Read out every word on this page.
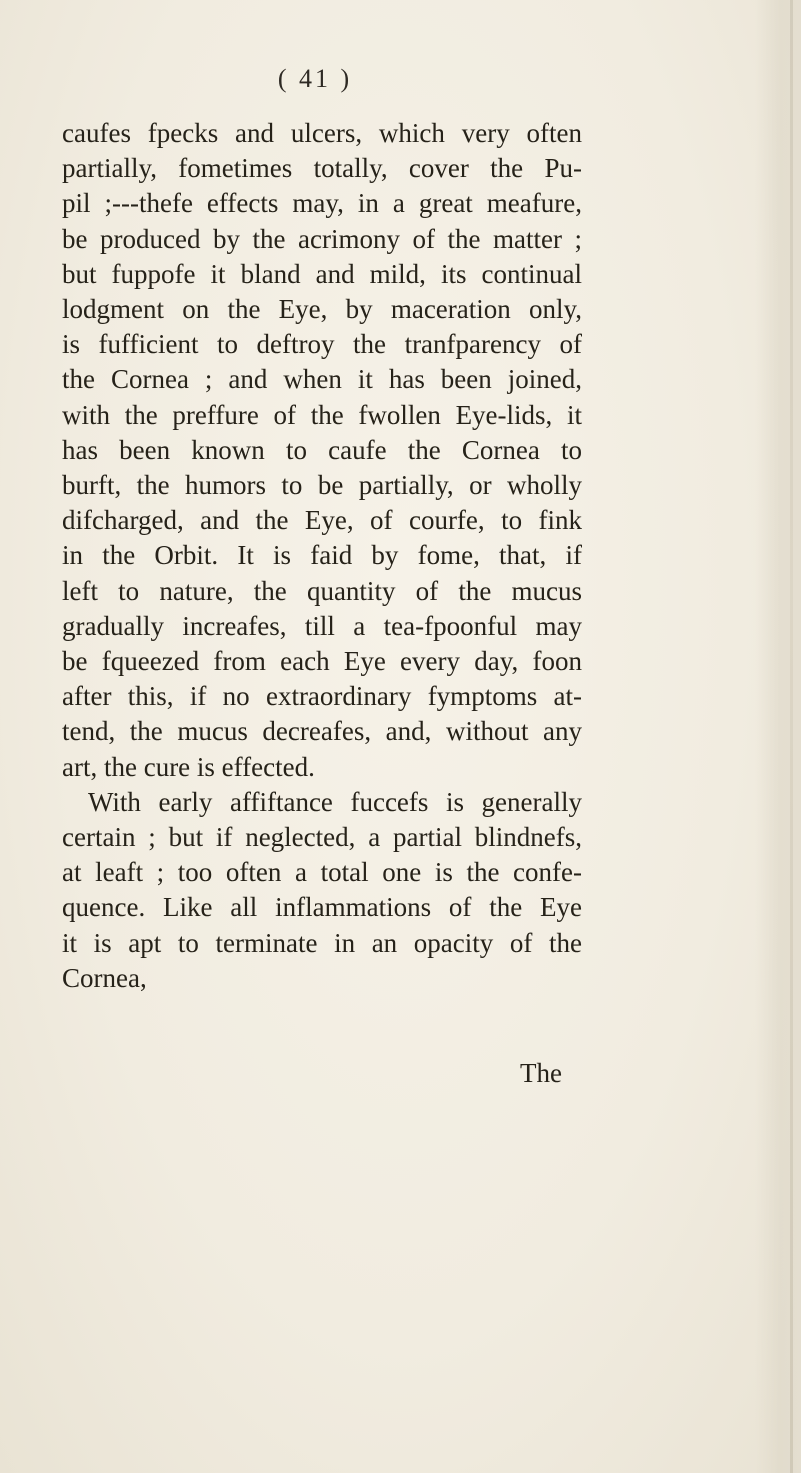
( 41 )
caufes fpecks and ulcers, which very often
partially, fometimes totally, cover the Pu-
pil ;---thefe effects may, in a great meafure,
be produced by the acrimony of the matter ;
but fuppofe it bland and mild, its continual
lodgment on the Eye, by maceration only,
is fufficient to deftroy the tranfparency of
the Cornea ; and when it has been joined,
with the preffure of the fwollen Eye-lids, it
has been known to caufe the Cornea to
burft, the humors to be partially, or wholly
difcharged, and the Eye, of courfe, to fink
in the Orbit. It is faid by fome, that, if
left to nature, the quantity of the mucus
gradually increafes, till a tea-fpoonful may
be fqueezed from each Eye every day, foon
after this, if no extraordinary fymptoms at-
tend, the mucus decreafes, and, without any
art, the cure is effected.
With early affiftance fuccefs is generally
certain ; but if neglected, a partial blindnefs,
at leaft ; too often a total one is the confe-
quence. Like all inflammations of the Eye
it is apt to terminate in an opacity of the
Cornea,
The
